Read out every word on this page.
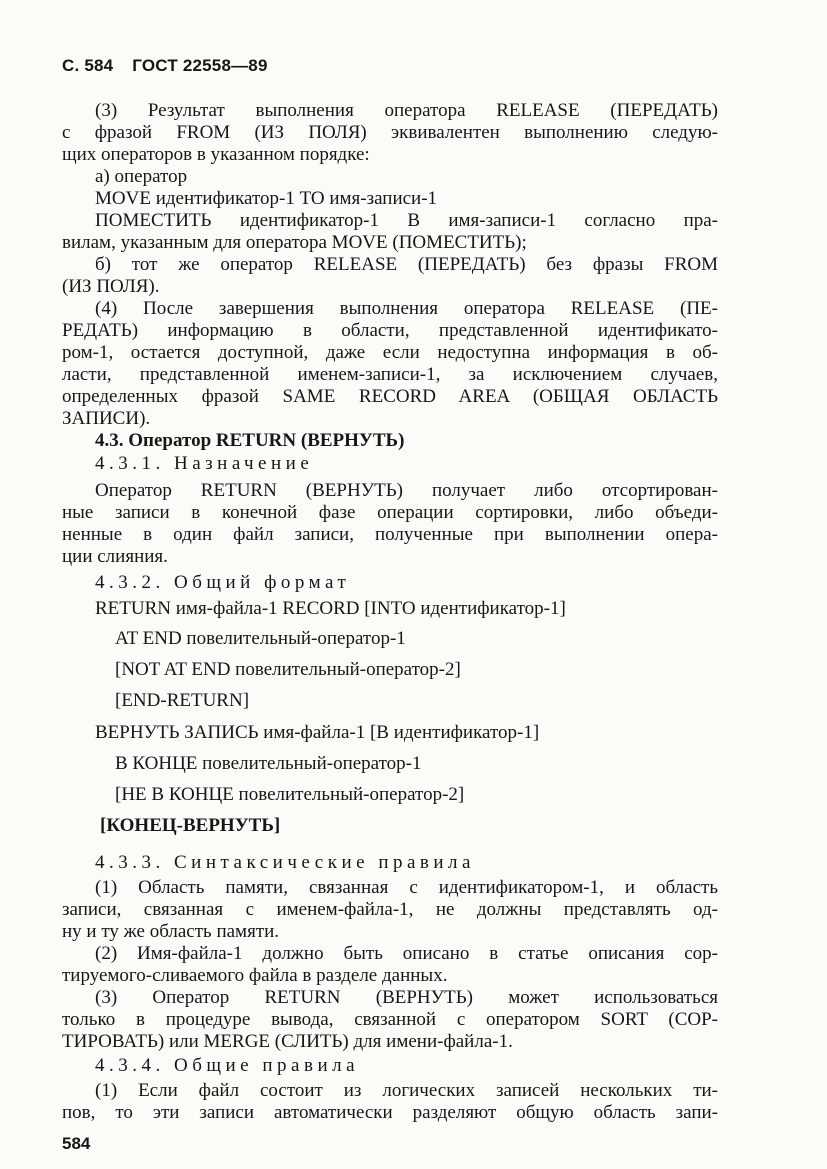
С. 584 ГОСТ 22558—89
(3) Результат выполнения оператора RELEASE (ПЕРЕДАТЬ)
с фразой FROM (ИЗ ПОЛЯ) эквивалентен выполнению следую-
щих операторов в указанном порядке:
а) оператор
MOVE идентификатор-1 TO имя-записи-1
ПОМЕСТИТЬ идентификатор-1 В имя-записи-1 согласно пра-
вилам, указанным для оператора MOVE (ПОМЕСТИТЬ);
б) тот же оператор RELEASE (ПЕРЕДАТЬ) без фразы FROM
(ИЗ ПОЛЯ).
(4) После завершения выполнения оператора RELEASE (ПЕ-
РЕДАТЬ) информацию в области, представленной идентификато-
ром-1, остается доступной, даже если недоступна информация в об-
ласти, представленной именем-записи-1, за исключением случаев,
определенных фразой SAME RECORD AREA (ОБЩАЯ ОБЛАСТЬ
ЗАПИСИ).
4.3. Оператор RETURN (ВЕРНУТЬ)
4.3.1. Назначение
Оператор RETURN (ВЕРНУТЬ) получает либо отсортирован-
ные записи в конечной фазе операции сортировки, либо объеди-
ненные в один файл записи, полученные при выполнении опера-
ции слияния.
4.3.2. Общий формат
RETURN имя-файла-1 RECORD [INTO идентификатор-1]
AT END повелительный-оператор-1
[NOT AT END повелительный-оператор-2]
[END-RETURN]
ВЕРНУТЬ ЗАПИСЬ имя-файла-1 [В идентификатор-1]
В КОНЦЕ повелительный-оператор-1
[НЕ В КОНЦЕ повелительный-оператор-2]
[КОНЕЦ-ВЕРНУТЬ]
4.3.3. Синтаксические правила
(1) Область памяти, связанная с идентификатором-1, и область
записи, связанная с именем-файла-1, не должны представлять од-
ну и ту же область памяти.
(2) Имя-файла-1 должно быть описано в статье описания сор-
тируемого-сливаемого файла в разделе данных.
(3) Оператор RETURN (ВЕРНУТЬ) может использоваться
только в процедуре вывода, связанной с оператором SORT (СОР-
ТИРОВАТЬ) или MERGE (СЛИТЬ) для имени-файла-1.
4.3.4. Общие правила
(1) Если файл состоит из логических записей нескольких ти-
пов, то эти записи автоматически разделяют общую область запи-
584
